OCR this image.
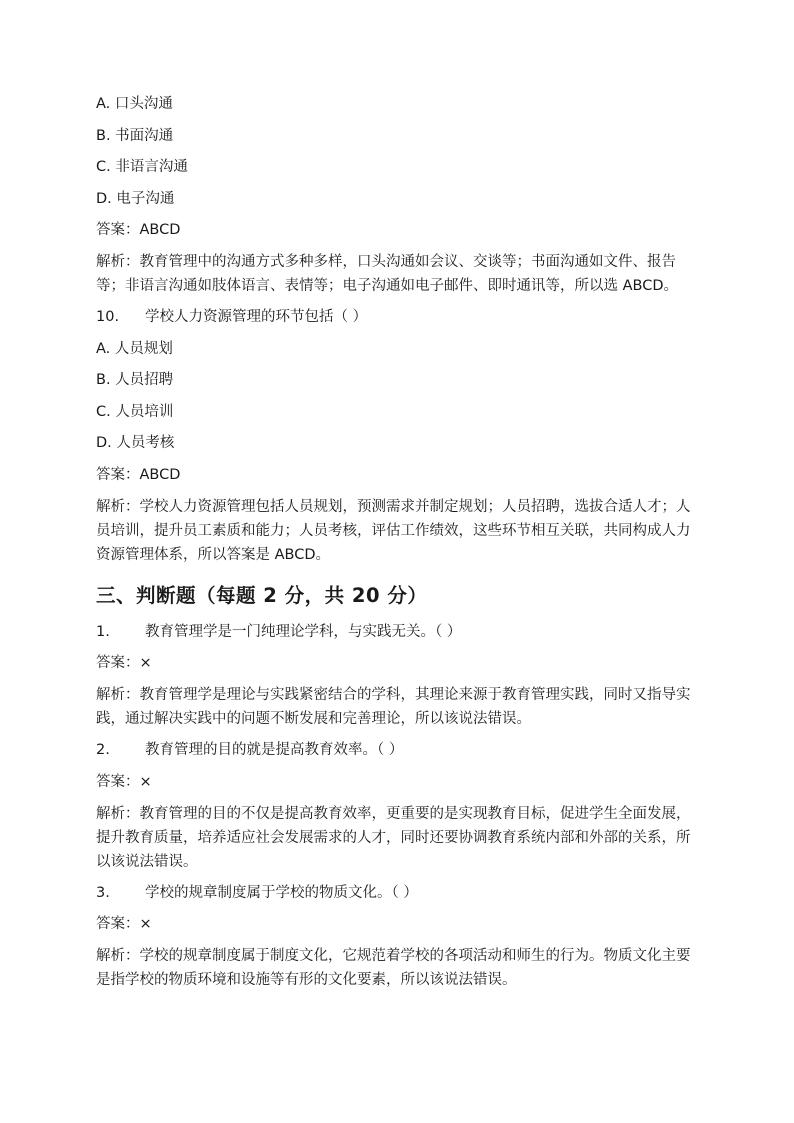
A. 口头沟通

B. 书面沟通

C. 非语言沟通

D. 电子沟通

答案：ABCD

解析：教育管理中的沟通方式多种多样，口头沟通如会议、交谈等；书面沟通如文件、报告

等；非语言沟通如肢体语言、表情等；电子沟通如电子邮件、即时通讯等，所以选 ABCD。

10.	学校人力资源管理的环节包括（ ）

A. 人员规划

B. 人员招聘

C. 人员培训

D. 人员考核

答案：ABCD

解析：学校人力资源管理包括人员规划，预测需求并制定规划；人员招聘，选拔合适人才；人

员培训，提升员工素质和能力；人员考核，评估工作绩效，这些环节相互关联，共同构成人力

资源管理体系，所以答案是 ABCD。

三、判断题（每题 2 分，共 20 分）
1.	教育管理学是一门纯理论学科，与实践无关。（ ）

答案：×

解析：教育管理学是理论与实践紧密结合的学科，其理论来源于教育管理实践，同时又指导实

践，通过解决实践中的问题不断发展和完善理论，所以该说法错误。

2.	教育管理的目的就是提高教育效率。（ ）

答案：×

解析：教育管理的目的不仅是提高教育效率，更重要的是实现教育目标，促进学生全面发展，

提升教育质量，培养适应社会发展需求的人才，同时还要协调教育系统内部和外部的关系，所

以该说法错误。

3.	学校的规章制度属于学校的物质文化。（ ）

答案：×

解析：学校的规章制度属于制度文化，它规范着学校的各项活动和师生的行为。物质文化主要

是指学校的物质环境和设施等有形的文化要素，所以该说法错误。
